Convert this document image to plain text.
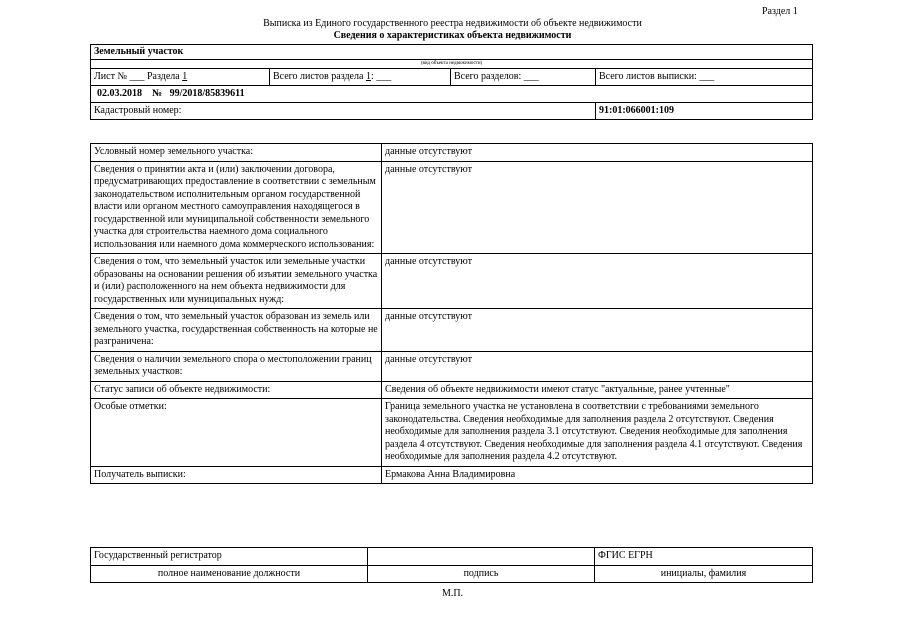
Раздел 1
Выписка из Единого государственного реестра недвижимости об объекте недвижимости
Сведения о характеристиках объекта недвижимости
Земельный участок			
(вид объекта недвижимости)			
Лист № ___ Раздела 1	Всего листов раздела 1: ___	Всего разделов: ___	Всего листов выписки: ___
02.03.2018 № 99/2018/85839611			
Кадастровый номер:			91:01:066001:109
Условный номер земельного участка:	данные отсутствуют
Сведения о принятии акта и (или) заключении договора, предусматривающих предоставление в соответствии с земельным законодательством исполнительным органом государственной власти или органом местного самоуправления находящегося в государственной или муниципальной собственности земельного участка для строительства наемного дома социального использования или наемного дома коммерческого использования:	данные отсутствуют
Сведения о том, что земельный участок или земельные участки образованы на основании решения об изъятии земельного участка и (или) расположенного на нем объекта недвижимости для государственных или муниципальных нужд:	данные отсутствуют
Сведения о том, что земельный участок образован из земель или земельного участка, государственная собственность на которые не разграничена:	данные отсутствуют
Сведения о наличии земельного спора о местоположении границ земельных участков:	данные отсутствуют
Статус записи об объекте недвижимости:	Сведения об объекте недвижимости имеют статус "актуальные, ранее учтенные"
Особые отметки:	Граница земельного участка не установлена в соответствии с требованиями земельного законодательства. Сведения необходимые для заполнения раздела 2 отсутствуют. Сведения необходимые для заполнения раздела 3.1 отсутствуют. Сведения необходимые для заполнения раздела 4 отсутствуют. Сведения необходимые для заполнения раздела 4.1 отсутствуют. Сведения необходимые для заполнения раздела 4.2 отсутствуют.
Получатель выписки:	Ермакова Анна Владимировна
Государственный регистратор		ФГИС ЕГРН
полное наименование должности	подпись	инициалы, фамилия
М.П.
